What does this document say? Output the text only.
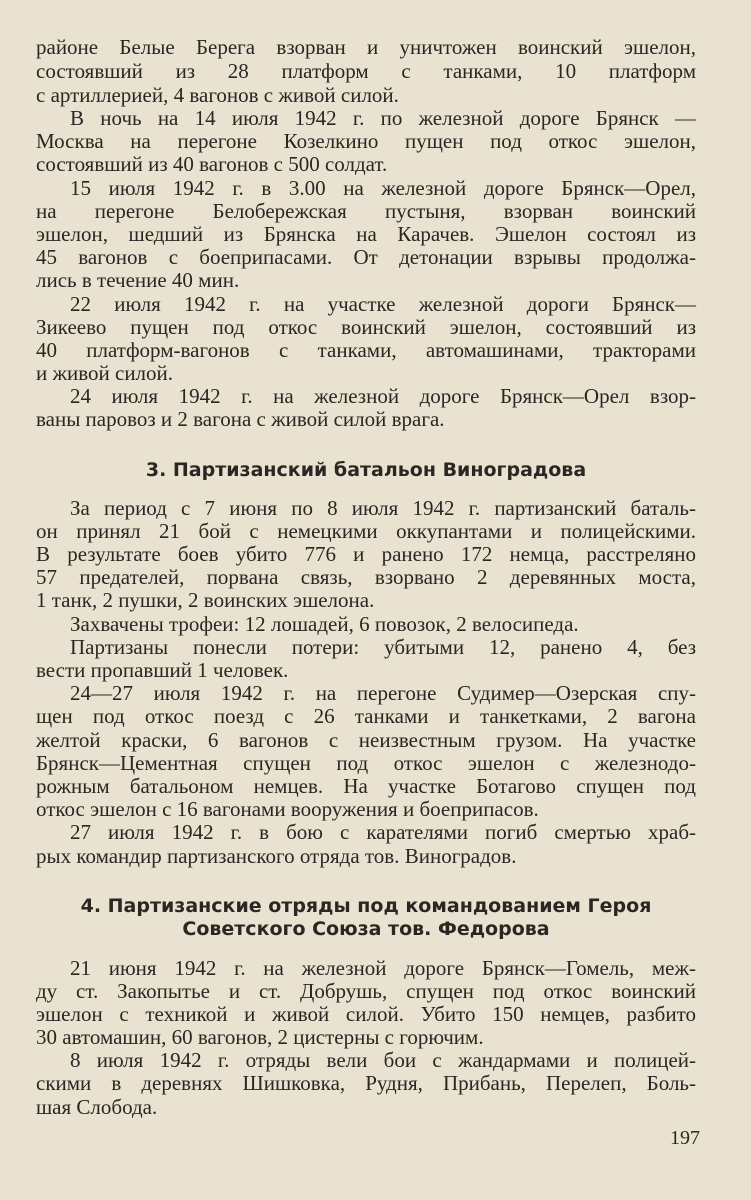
районе Белые Берега взорван и уничтожен воинский эшелон,
состоявший из 28 платформ с танками, 10 платформ
с артиллерией, 4 вагонов с живой силой.
В ночь на 14 июля 1942 г. по железной дороге Брянск —
Москва на перегоне Козелкино пущен под откос эшелон,
состоявший из 40 вагонов с 500 солдат.
15 июля 1942 г. в 3.00 на железной дороге Брянск—Орел,
на перегоне Белобережская пустыня, взорван воинский
эшелон, шедший из Брянска на Карачев. Эшелон состоял из
45 вагонов с боеприпасами. От детонации взрывы продолжа-
лись в течение 40 мин.
22 июля 1942 г. на участке железной дороги Брянск—
Зикеево пущен под откос воинский эшелон, состоявший из
40 платформ-вагонов с танками, автомашинами, тракторами
и живой силой.
24 июля 1942 г. на железной дороге Брянск—Орел взор-
ваны паровоз и 2 вагона с живой силой врага.
3. Партизанский батальон Виноградова
За период с 7 июня по 8 июля 1942 г. партизанский баталь-
он принял 21 бой с немецкими оккупантами и полицейскими.
В результате боев убито 776 и ранено 172 немца, расстреляно
57 предателей, порвана связь, взорвано 2 деревянных моста,
1 танк, 2 пушки, 2 воинских эшелона.
Захвачены трофеи: 12 лошадей, 6 повозок, 2 велосипеда.
Партизаны понесли потери: убитыми 12, ранено 4, без
вести пропавший 1 человек.
24—27 июля 1942 г. на перегоне Судимер—Озерская спу-
щен под откос поезд с 26 танками и танкетками, 2 вагона
желтой краски, 6 вагонов с неизвестным грузом. На участке
Брянск—Цементная спущен под откос эшелон с железнодо-
рожным батальоном немцев. На участке Ботагово спущен под
откос эшелон с 16 вагонами вооружения и боеприпасов.
27 июля 1942 г. в бою с карателями погиб смертью храб-
рых командир партизанского отряда тов. Виноградов.
4. Партизанские отряды под командованием Героя
Советского Союза тов. Федорова
21 июня 1942 г. на железной дороге Брянск—Гомель, меж-
ду ст. Закопытье и ст. Добрушь, спущен под откос воинский
эшелон с техникой и живой силой. Убито 150 немцев, разбито
30 автомашин, 60 вагонов, 2 цистерны с горючим.
8 июля 1942 г. отряды вели бои с жандармами и полицей-
скими в деревнях Шишковка, Рудня, Прибань, Перелеп, Боль-
шая Слобода.
197
